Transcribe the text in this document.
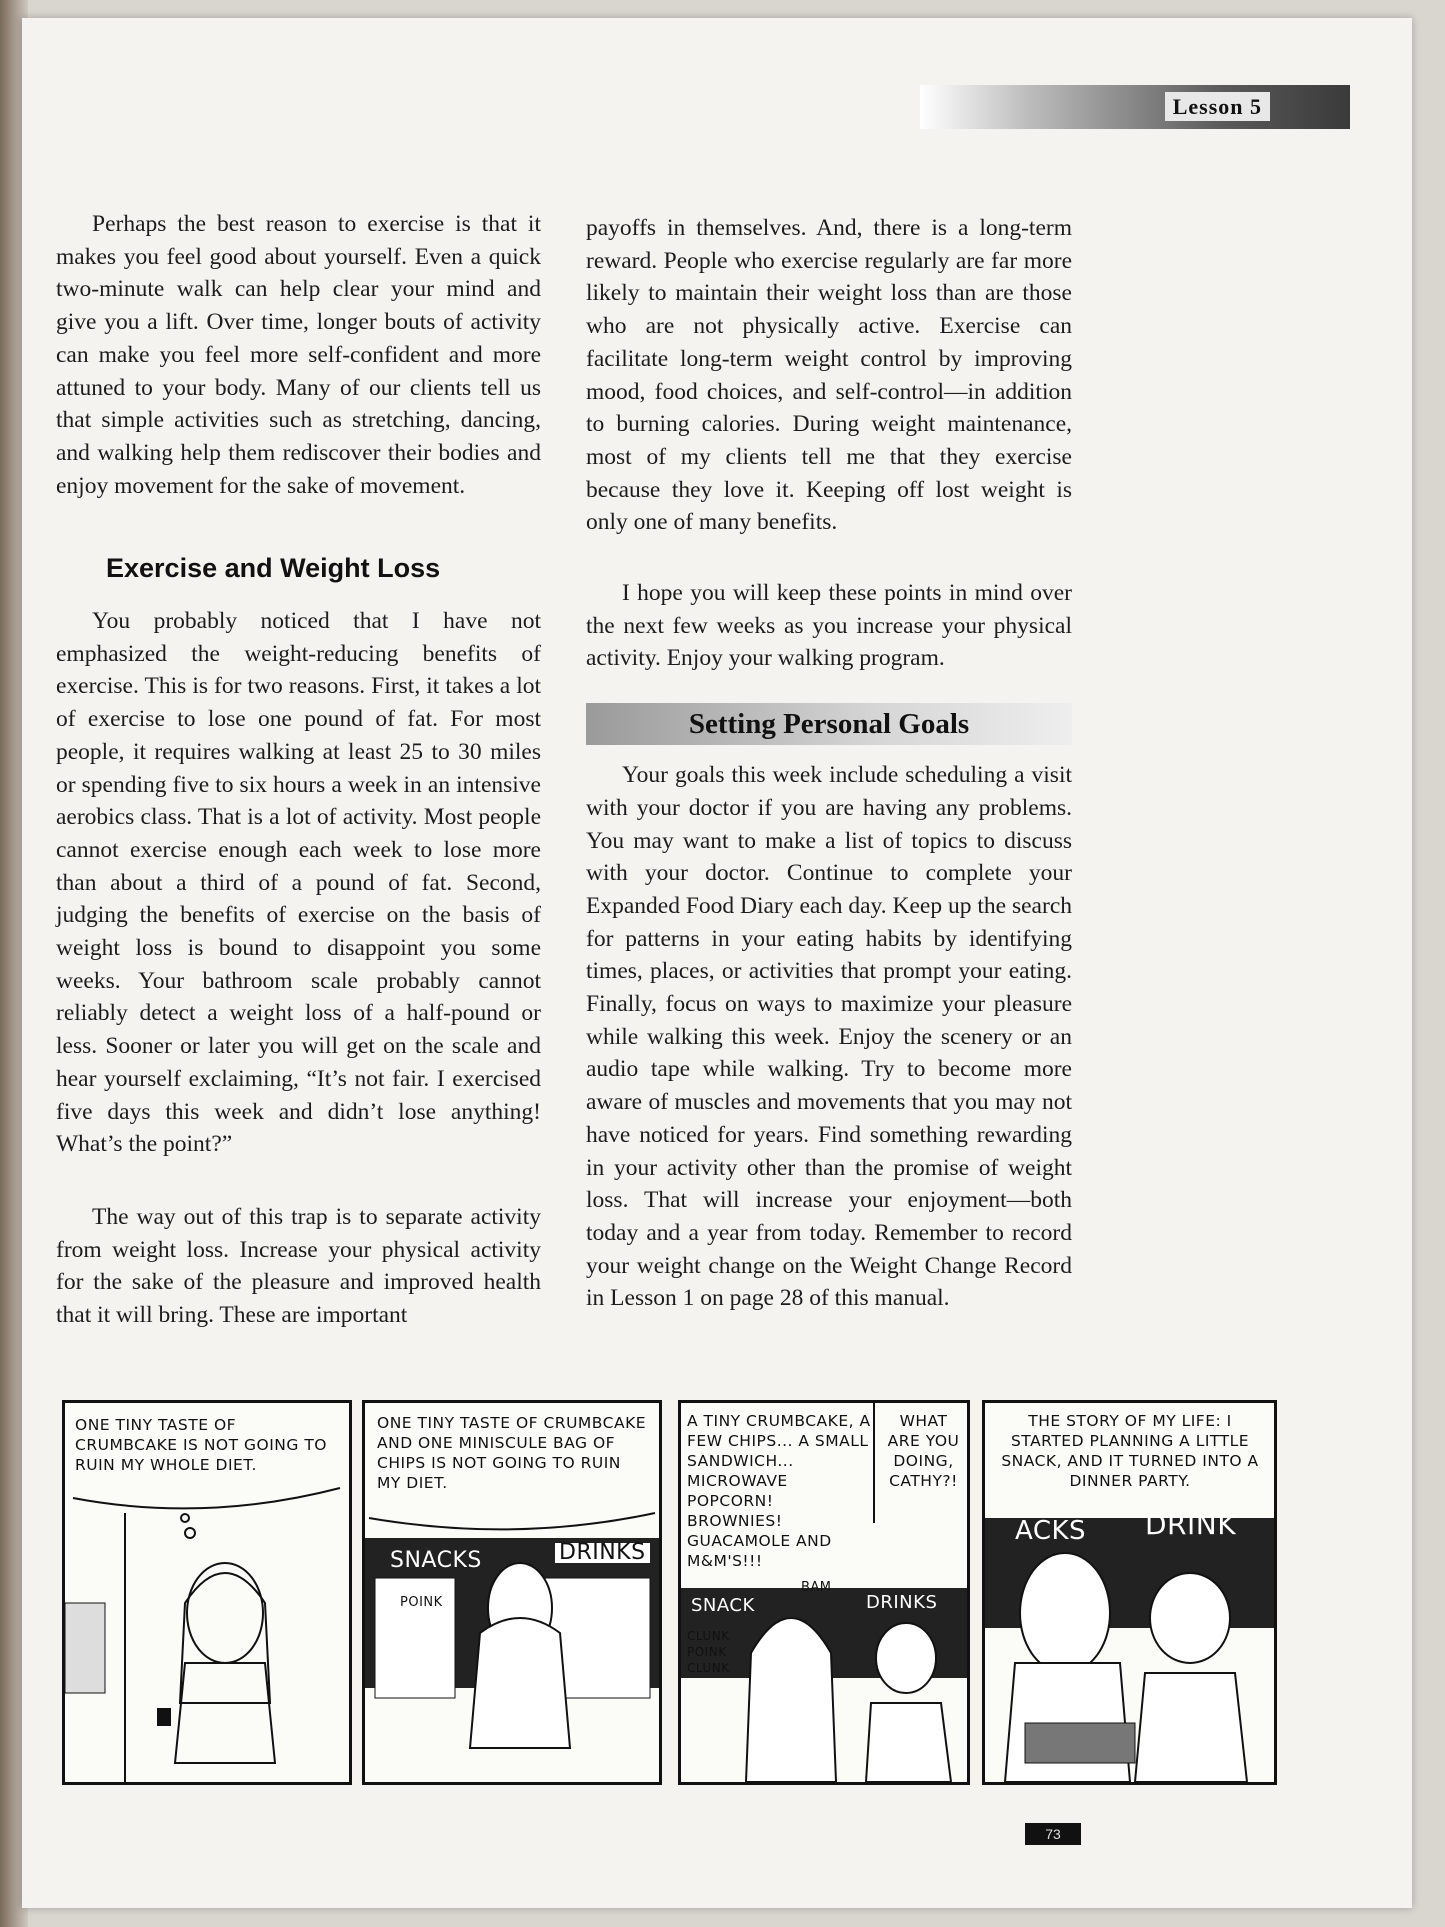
Lesson 5

Perhaps the best reason to exercise is that it makes you feel good about yourself. Even a quick two-minute walk can help clear your mind and give you a lift. Over time, longer bouts of activity can make you feel more self-confident and more attuned to your body. Many of our clients tell us that simple activities such as stretching, dancing, and walking help them rediscover their bodies and enjoy movement for the sake of movement.

Exercise and Weight Loss

You probably noticed that I have not emphasized the weight-reducing benefits of exercise. This is for two reasons. First, it takes a lot of exercise to lose one pound of fat. For most people, it requires walking at least 25 to 30 miles or spending five to six hours a week in an intensive aerobics class. That is a lot of activity. Most people cannot exercise enough each week to lose more than about a third of a pound of fat. Second, judging the benefits of exercise on the basis of weight loss is bound to disappoint you some weeks. Your bathroom scale probably cannot reliably detect a weight loss of a half-pound or less. Sooner or later you will get on the scale and hear yourself exclaiming, “It’s not fair. I exercised five days this week and didn’t lose anything! What’s the point?”

The way out of this trap is to separate activity from weight loss. Increase your physical activity for the sake of the pleasure and improved health that it will bring. These are important

payoffs in themselves. And, there is a long-term reward. People who exercise regularly are far more likely to maintain their weight loss than are those who are not physically active. Exercise can facilitate long-term weight control by improving mood, food choices, and self-control—in addition to burning calories. During weight maintenance, most of my clients tell me that they exercise because they love it. Keeping off lost weight is only one of many benefits.

I hope you will keep these points in mind over the next few weeks as you increase your physical activity. Enjoy your walking program.

Setting Personal Goals

Your goals this week include scheduling a visit with your doctor if you are having any problems. You may want to make a list of topics to discuss with your doctor. Continue to complete your Expanded Food Diary each day. Keep up the search for patterns in your eating habits by identifying times, places, or activities that prompt your eating. Finally, focus on ways to maximize your pleasure while walking this week. Enjoy the scenery or an audio tape while walking. Try to become more aware of muscles and movements that you may not have noticed for years. Find something rewarding in your activity other than the promise of weight loss. That will increase your enjoyment—both today and a year from today. Remember to record your weight change on the Weight Change Record in Lesson 1 on page 28 of this manual.

ONE TINY TASTE OF CRUMBCAKE IS NOT GOING TO RUIN MY WHOLE DIET.
ONE TINY TASTE OF CRUMBCAKE AND ONE MINISCULE BAG OF CHIPS IS NOT GOING TO RUIN MY DIET.
SNACKS	DRINKS
POINK
A TINY CRUMBCAKE, A FEW CHIPS... A SMALL SANDWICH... MICROWAVE POPCORN! BROWNIES! GUACAMOLE AND M&M'S!!!
WHAT ARE YOU DOING, CATHY?!
SNACK	DRINKS
BAM
CLUNK POINK CLUNK
THE STORY OF MY LIFE: I STARTED PLANNING A LITTLE SNACK, AND IT TURNED INTO A DINNER PARTY.
ACKS DRINK
73
